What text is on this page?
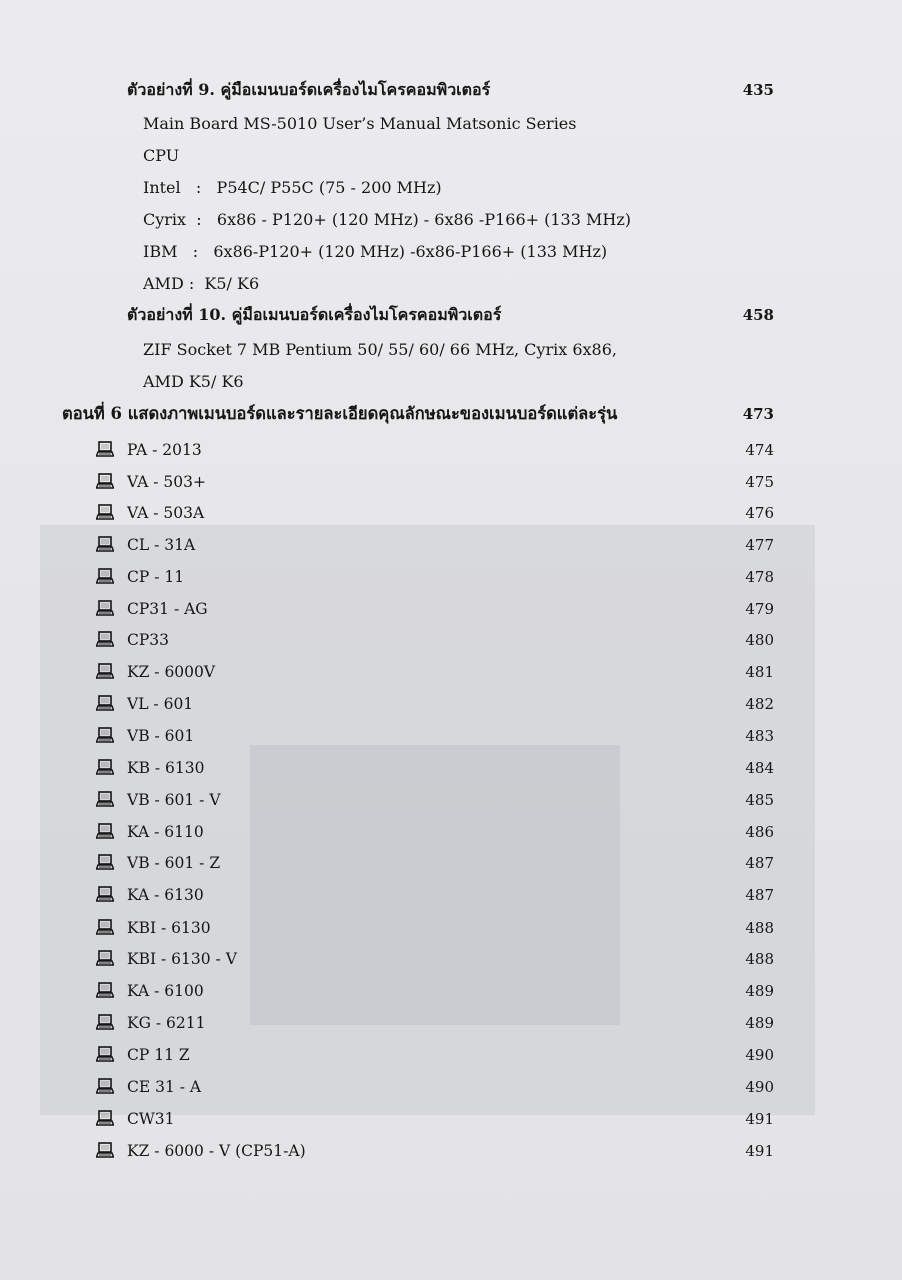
ตัวอย่างที่ 9. คู่มือเมนบอร์ดเครื่องไมโครคอมพิวเตอร์	435
Main Board MS-5010 User’s Manual Matsonic Series
CPU
Intel   :   P54C/ P55C (75 - 200 MHz)
Cyrix  :   6x86 - P120+ (120 MHz) - 6x86 -P166+ (133 MHz)
IBM   :   6x86-P120+ (120 MHz) -6x86-P166+ (133 MHz)
AMD :  K5/ K6
ตัวอย่างที่ 10. คู่มือเมนบอร์ดเครื่องไมโครคอมพิวเตอร์	458
ZIF Socket 7 MB Pentium 50/ 55/ 60/ 66 MHz, Cyrix 6x86,
AMD K5/ K6
ตอนที่ 6 แสดงภาพเมนบอร์ดและรายละเอียดคุณลักษณะของเมนบอร์ดแต่ละรุ่น	473
PA - 2013	474
VA - 503+	475
VA - 503A	476
CL - 31A	477
CP - 11	478
CP31 - AG	479
CP33	480
KZ - 6000V	481
VL - 601	482
VB - 601	483
KB - 6130	484
VB - 601 - V	485
KA - 6110	486
VB - 601 - Z	487
KA - 6130	487
KBI - 6130	488
KBI - 6130 - V	488
KA - 6100	489
KG - 6211	489
CP 11 Z	490
CE 31 - A	490
CW31	491
KZ - 6000 - V (CP51-A)	491
